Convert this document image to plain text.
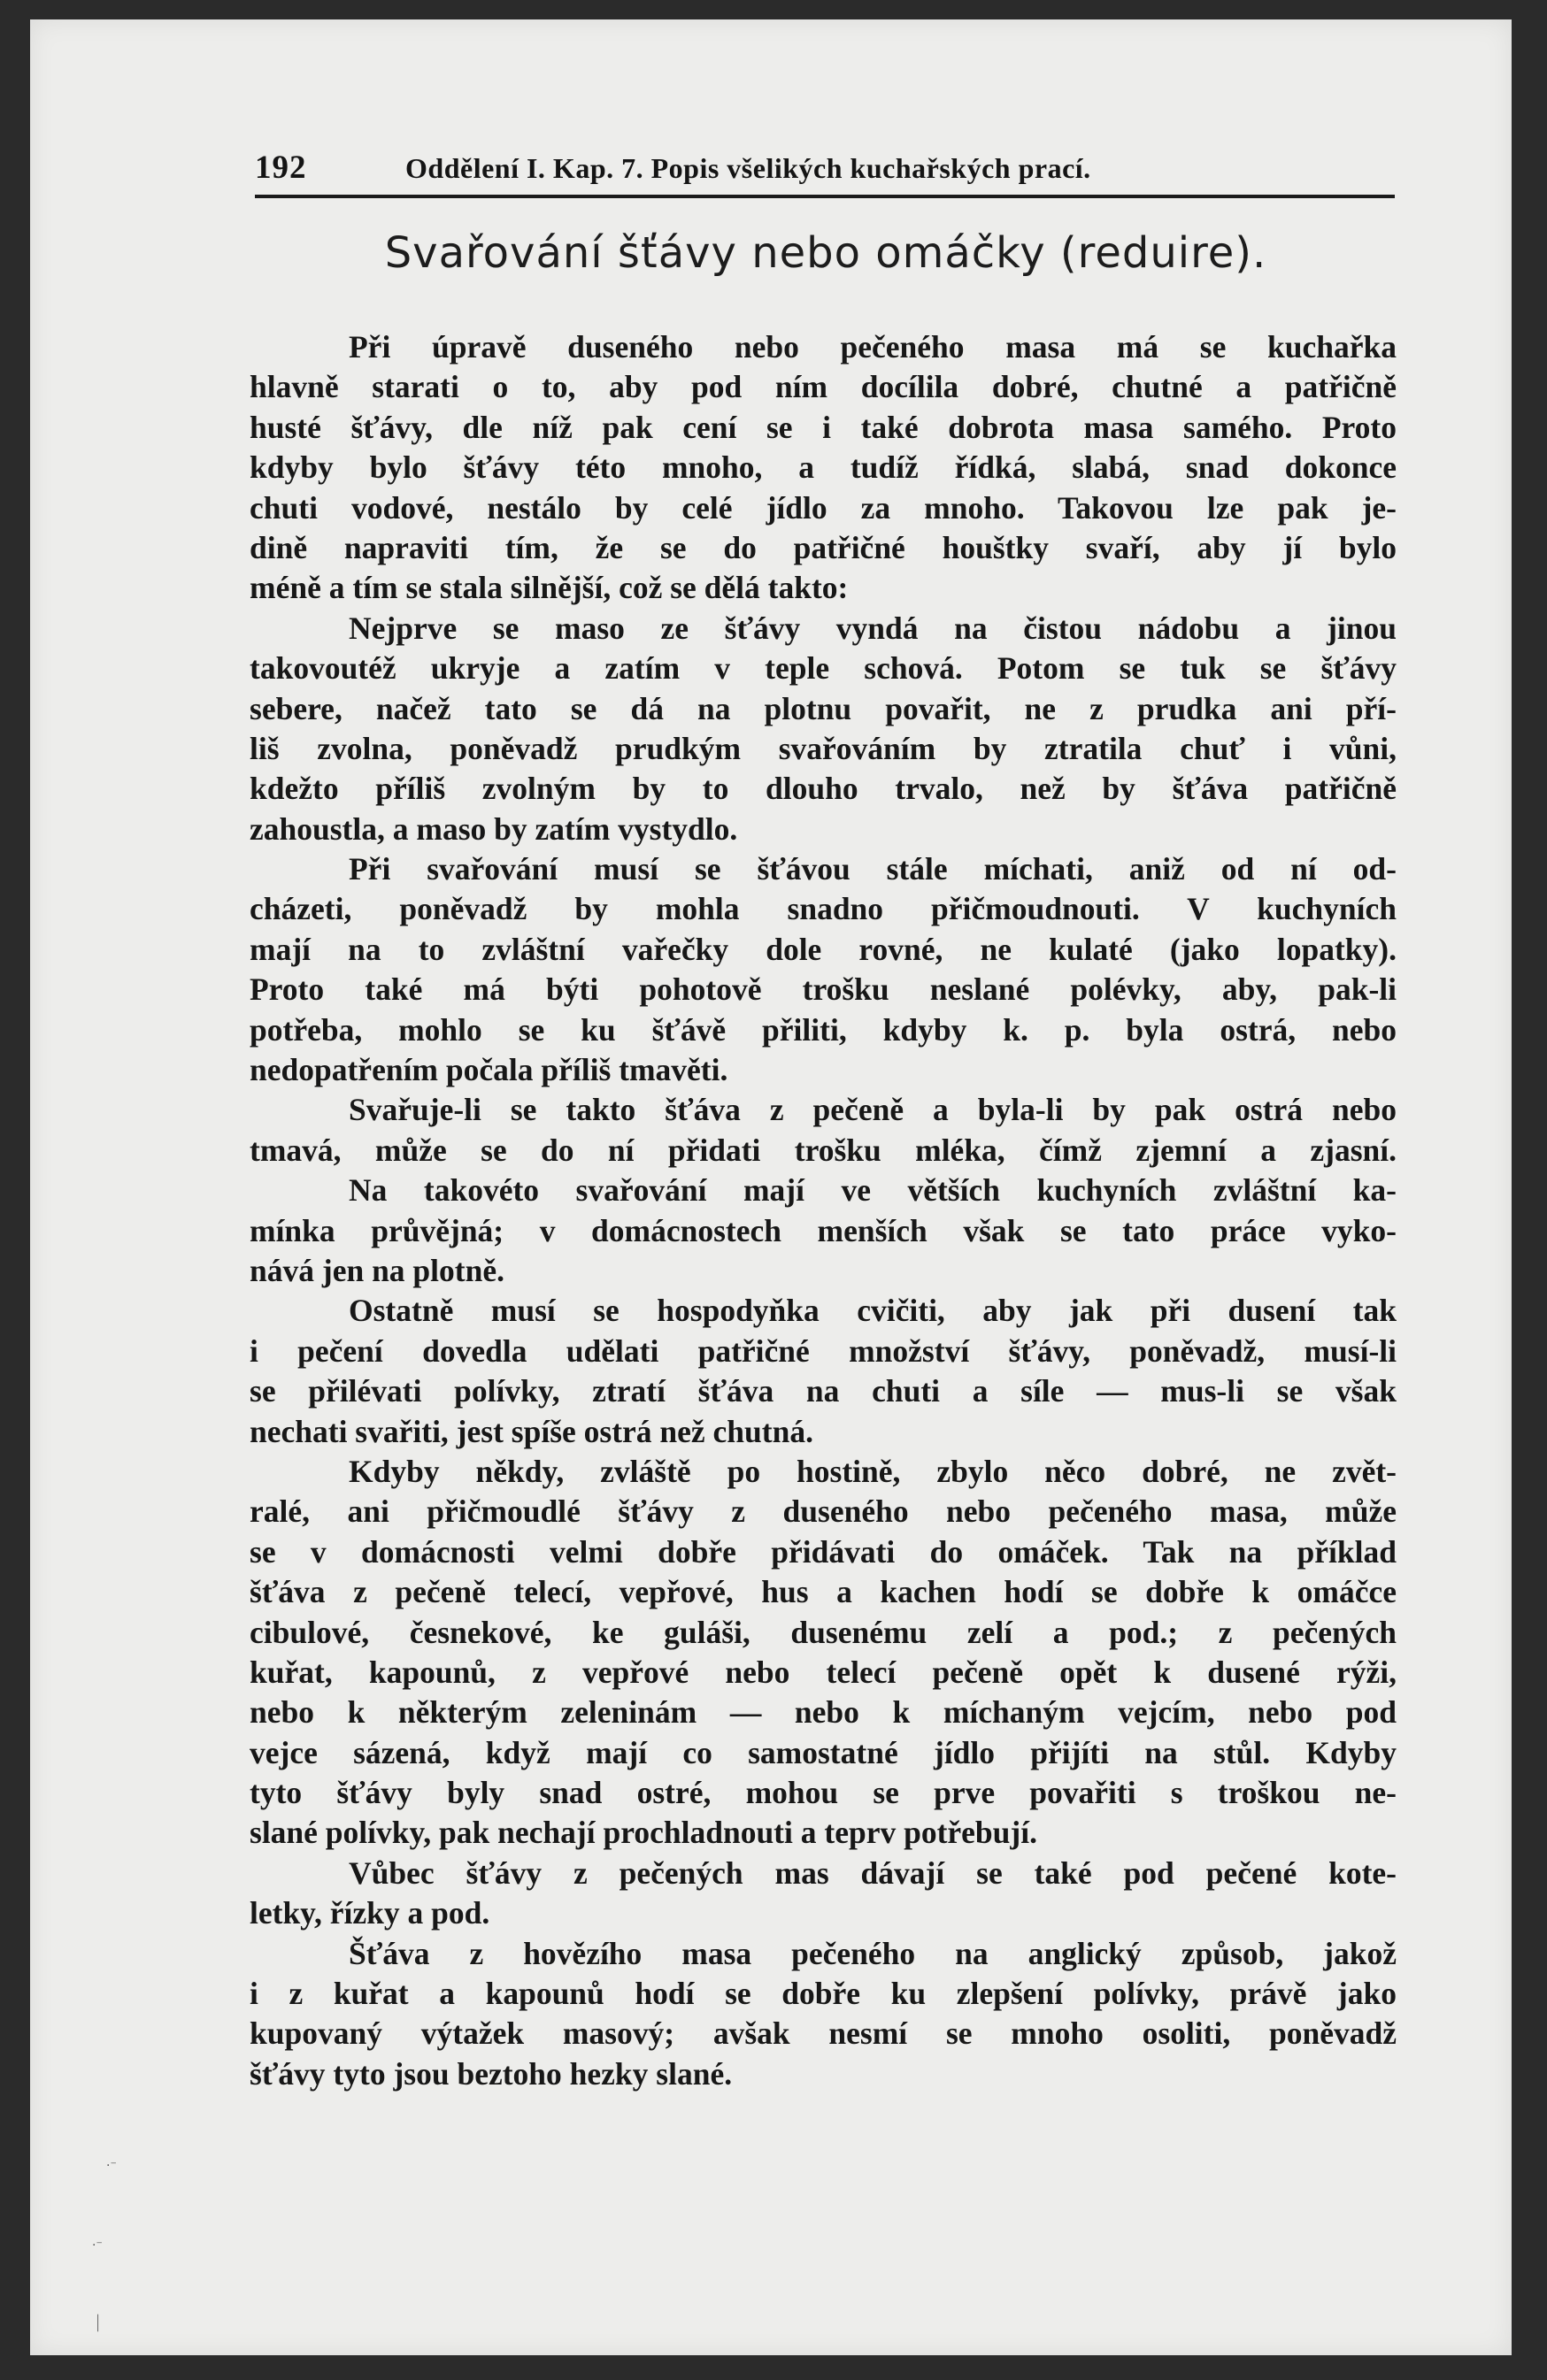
192	Oddělení I. Kap. 7. Popis všelikých kuchařských prací.
Svařování šťávy nebo omáčky (reduire).
Při úpravě duseného nebo pečeného masa má se kuchařka
hlavně starati o to, aby pod ním docílila dobré, chutné a patřičně
husté šťávy, dle níž pak cení se i také dobrota masa samého. Proto
kdyby bylo šťávy této mnoho, a tudíž řídká, slabá, snad dokonce
chuti vodové, nestálo by celé jídlo za mnoho. Takovou lze pak je-
dině napraviti tím, že se do patřičné houštky svaří, aby jí bylo
méně a tím se stala silnější, což se dělá takto:
Nejprve se maso ze šťávy vyndá na čistou nádobu a jinou
takovoutéž ukryje a zatím v teple schová. Potom se tuk se šťávy
sebere, načež tato se dá na plotnu povařit, ne z prudka ani pří-
liš zvolna, poněvadž prudkým svařováním by ztratila chuť i vůni,
kdežto příliš zvolným by to dlouho trvalo, než by šťáva patřičně
zahoustla, a maso by zatím vystydlo.
Při svařování musí se šťávou stále míchati, aniž od ní od-
cházeti, poněvadž by mohla snadno přičmoudnouti. V kuchyních
mají na to zvláštní vařečky dole rovné, ne kulaté (jako lopatky).
Proto také má býti pohotově trošku neslané polévky, aby, pak-li
potřeba, mohlo se ku šťávě přiliti, kdyby k. p. byla ostrá, nebo
nedopatřením počala příliš tmavěti.
Svařuje-li se takto šťáva z pečeně a byla-li by pak ostrá nebo
tmavá, může se do ní přidati trošku mléka, čímž zjemní a zjasní.
Na takovéto svařování mají ve větších kuchyních zvláštní ka-
mínka průvějná; v domácnostech menších však se tato práce vyko-
nává jen na plotně.
Ostatně musí se hospodyňka cvičiti, aby jak při dusení tak
i pečení dovedla udělati patřičné množství šťávy, poněvadž, musí-li
se přilévati polívky, ztratí šťáva na chuti a síle — mus-li se však
nechati svařiti, jest spíše ostrá než chutná.
Kdyby někdy, zvláště po hostině, zbylo něco dobré, ne zvět-
ralé, ani přičmoudlé šťávy z duseného nebo pečeného masa, může
se v domácnosti velmi dobře přidávati do omáček. Tak na příklad
šťáva z pečeně telecí, vepřové, hus a kachen hodí se dobře k omáčce
cibulové, česnekové, ke guláši, dusenému zelí a pod.; z pečených
kuřat, kapounů, z vepřové nebo telecí pečeně opět k dusené rýži,
nebo k některým zeleninám — nebo k míchaným vejcím, nebo pod
vejce sázená, když mají co samostatné jídlo přijíti na stůl. Kdyby
tyto šťávy byly snad ostré, mohou se prve povařiti s troškou ne-
slané polívky, pak nechají prochladnouti a teprv potřebují.
Vůbec šťávy z pečených mas dávají se také pod pečené kote-
letky, řízky a pod.
Šťáva z hovězího masa pečeného na anglický způsob, jakož
i z kuřat a kapounů hodí se dobře ku zlepšení polívky, právě jako
kupovaný výtažek masový; avšak nesmí se mnoho osoliti, poněvadž
šťávy tyto jsou beztoho hezky slané.
ᛁ
·⁻
·⁻
